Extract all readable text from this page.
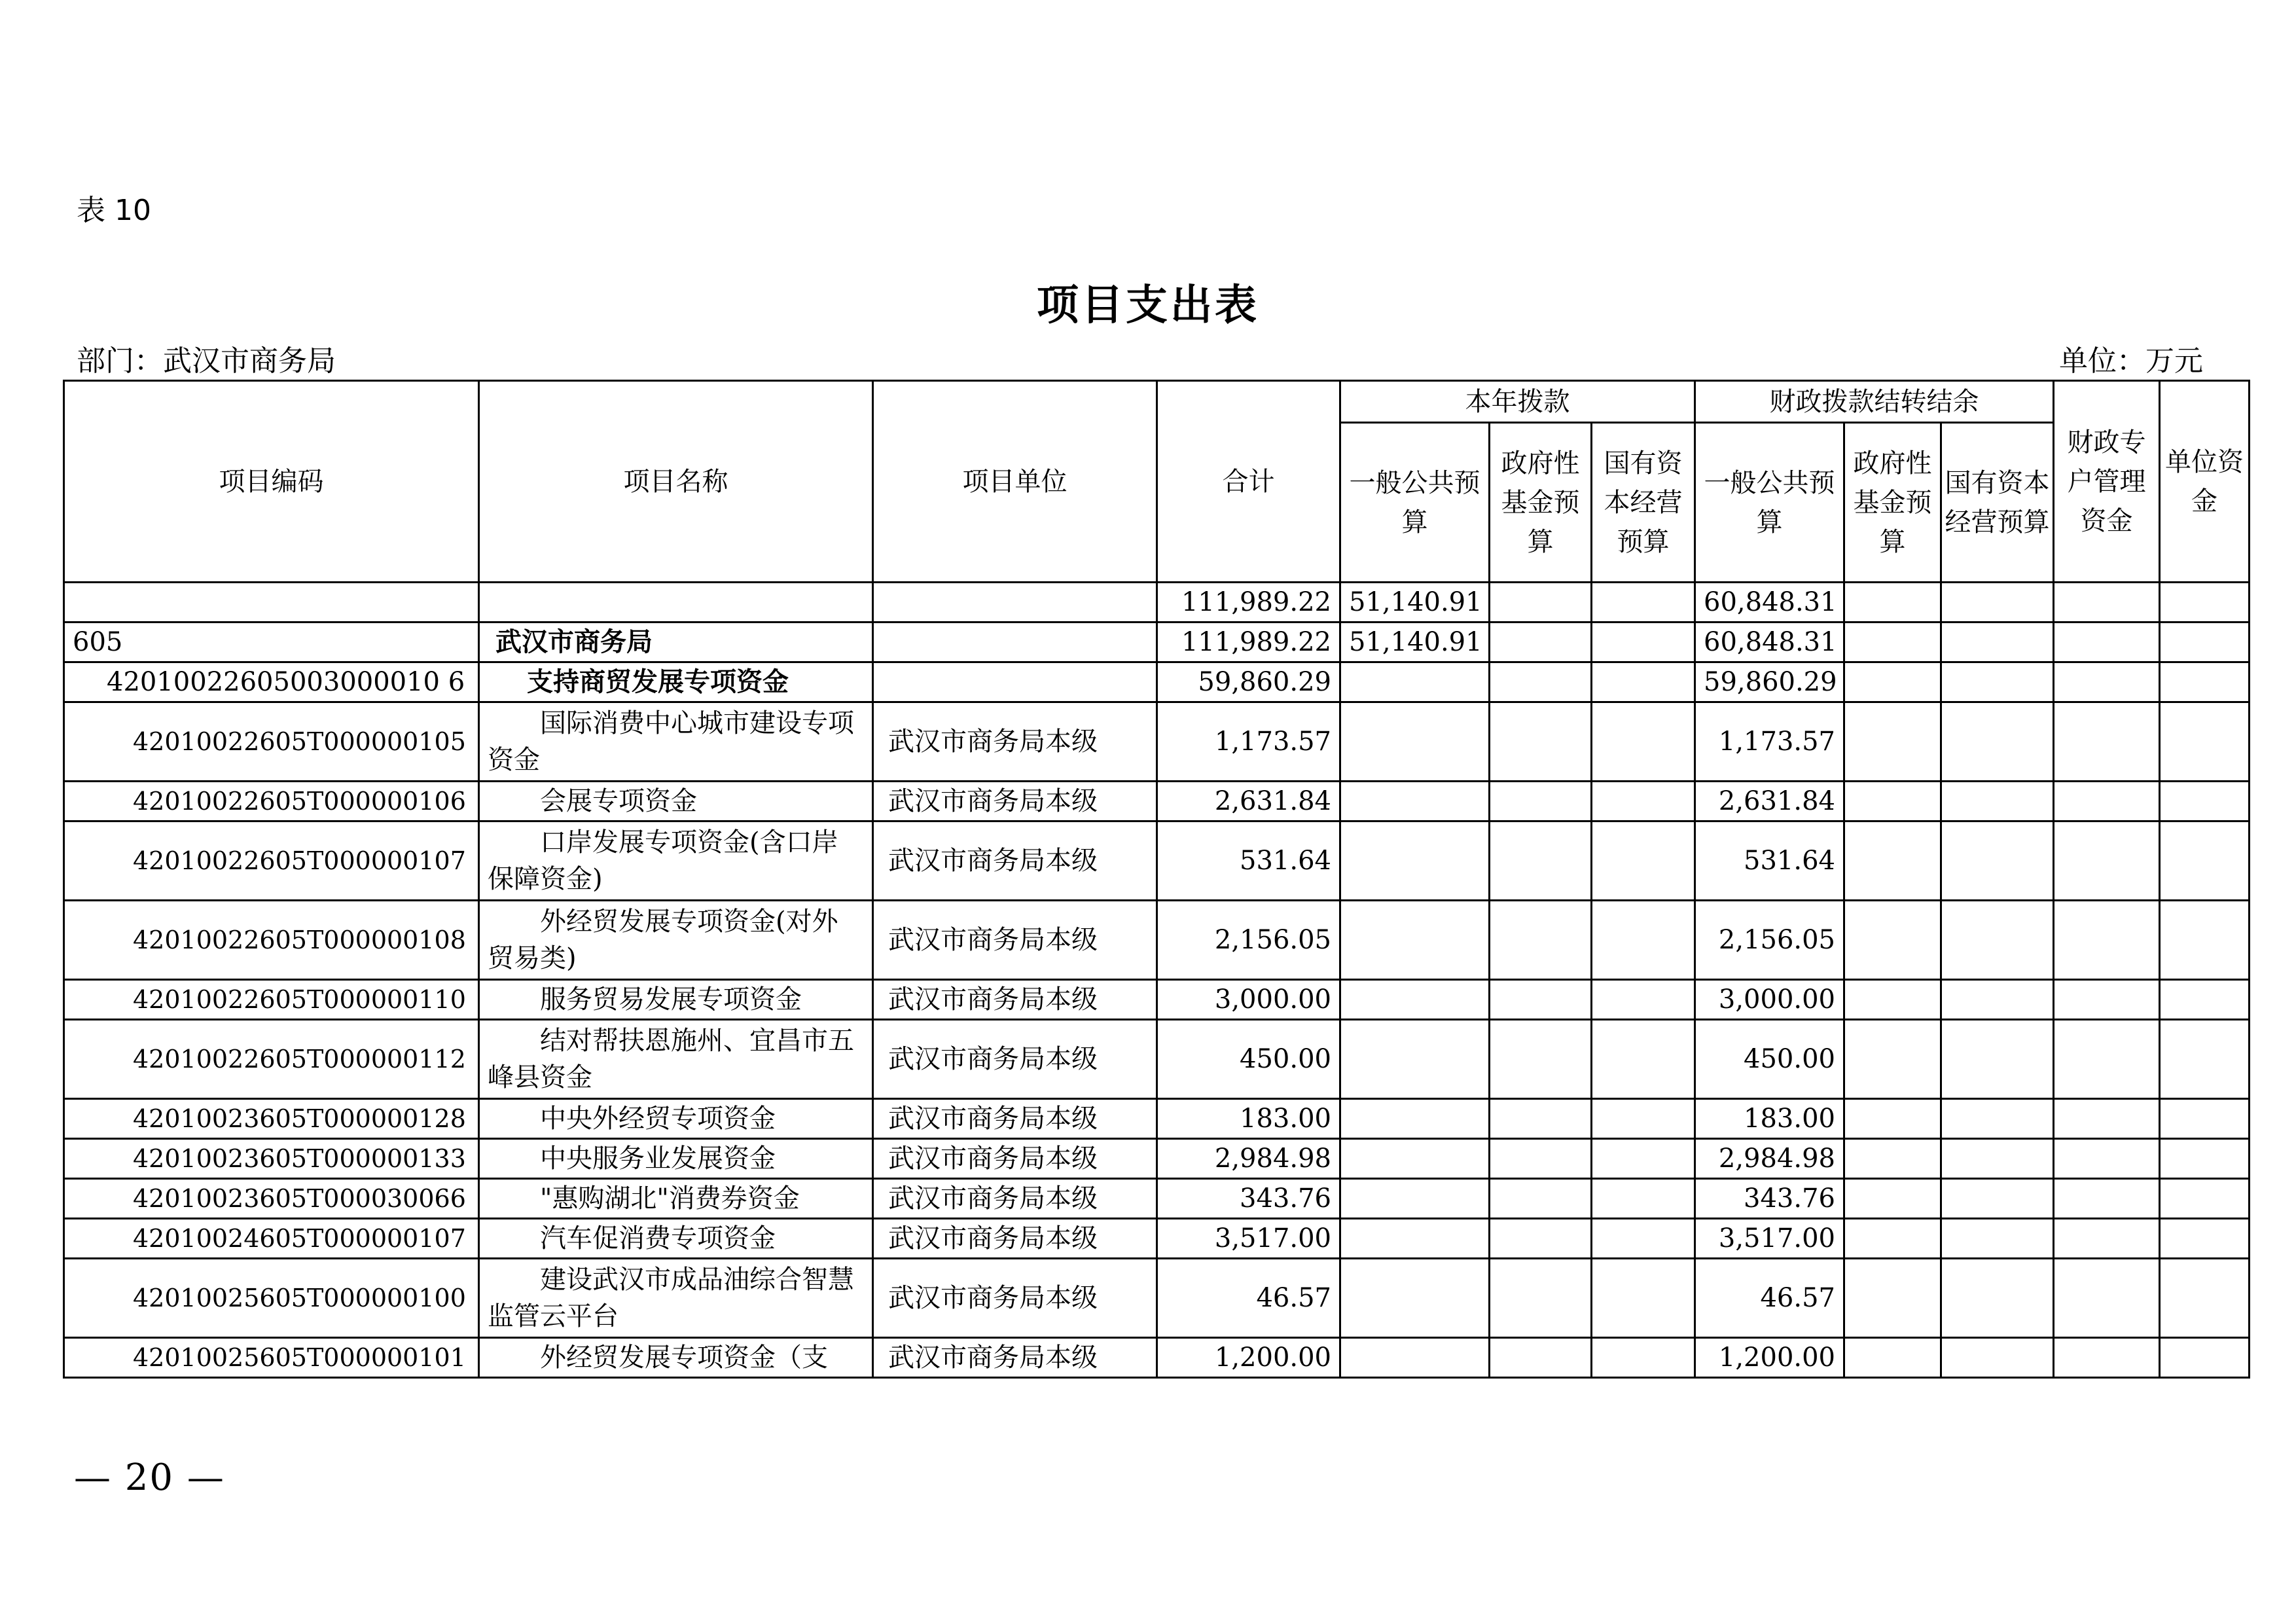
表 10
项目支出表
部门：武汉市商务局	单位：万元
项目编码	项目名称	项目单位	合计	本年拨款			财政拨款结转结余			财政专户管理资金	单位资金
				一般公共预算	政府性基金预算	国有资本经营预算	一般公共预算	政府性基金预算	国有资本经营预算		
			111,989.22	51,140.91			60,848.31				
605	武汉市商务局		111,989.22	51,140.91			60,848.31				
42010022605003000010 6	支持商贸发展专项资金		59,860.29				59,860.29				
42010022605T000000105	国际消费中心城市建设专项资金	武汉市商务局本级	1,173.57				1,173.57				
42010022605T000000106	会展专项资金	武汉市商务局本级	2,631.84				2,631.84				
42010022605T000000107	口岸发展专项资金(含口岸保障资金)	武汉市商务局本级	531.64				531.64				
42010022605T000000108	外经贸发展专项资金(对外贸易类)	武汉市商务局本级	2,156.05				2,156.05				
42010022605T000000110	服务贸易发展专项资金	武汉市商务局本级	3,000.00				3,000.00				
42010022605T000000112	结对帮扶恩施州、宜昌市五峰县资金	武汉市商务局本级	450.00				450.00				
42010023605T000000128	中央外经贸专项资金	武汉市商务局本级	183.00				183.00				
42010023605T000000133	中央服务业发展资金	武汉市商务局本级	2,984.98				2,984.98				
42010023605T000030066	"惠购湖北"消费券资金	武汉市商务局本级	343.76				343.76				
42010024605T000000107	汽车促消费专项资金	武汉市商务局本级	3,517.00				3,517.00				
42010025605T000000100	建设武汉市成品油综合智慧监管云平台	武汉市商务局本级	46.57				46.57				
42010025605T000000101	外经贸发展专项资金（支	武汉市商务局本级	1,200.00				1,200.00				
— 20 —
